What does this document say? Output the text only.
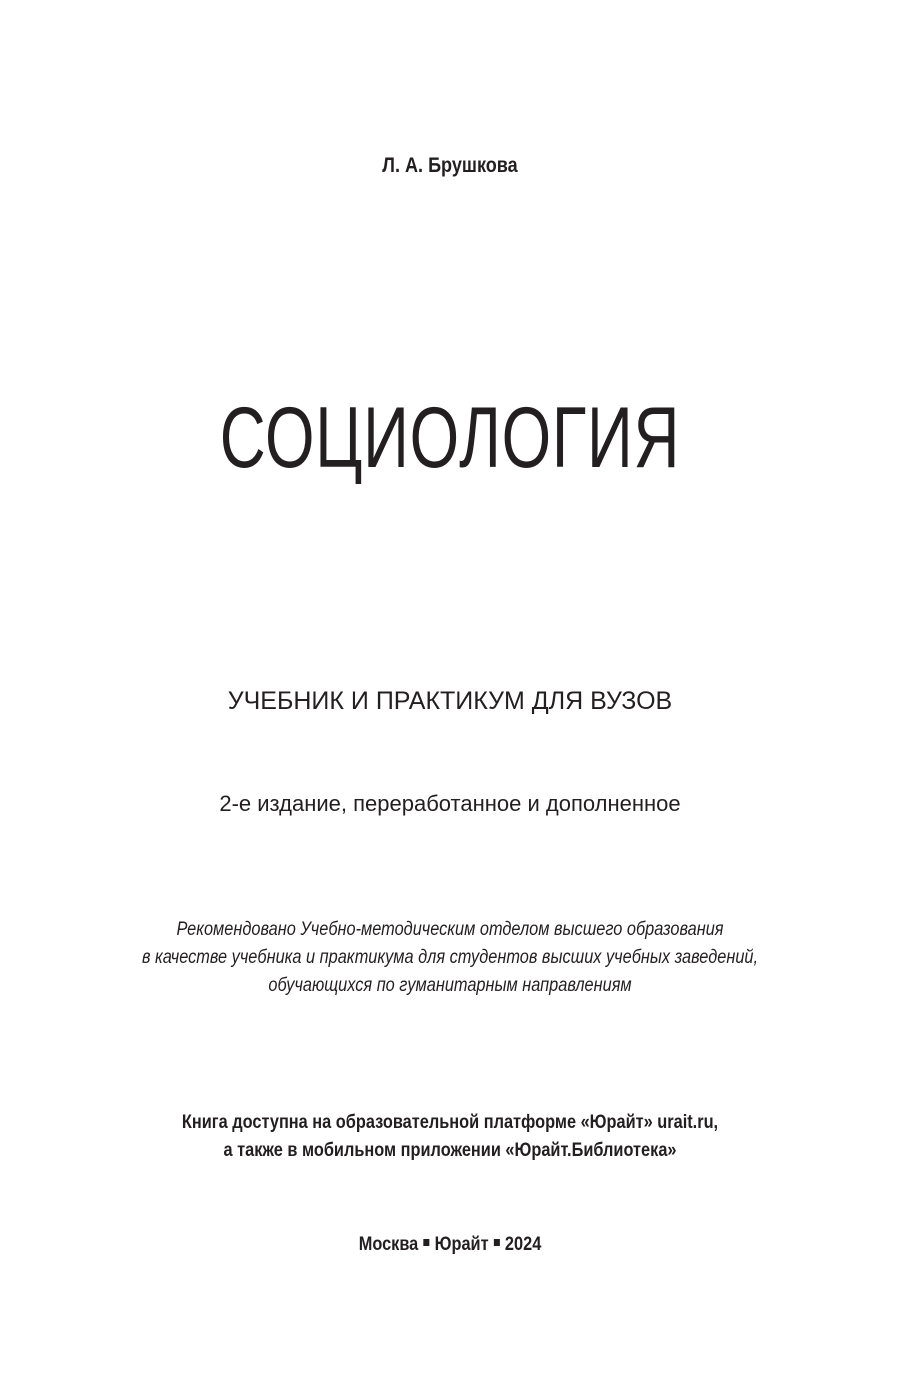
Л. А. Брушкова
СОЦИОЛОГИЯ
УЧЕБНИК И ПРАКТИКУМ ДЛЯ ВУЗОВ
2-е издание, переработанное и дополненное
Рекомендовано Учебно-методическим отделом высшего образования
в качестве учебника и практикума для студентов высших учебных заведений,
обучающихся по гуманитарным направлениям
Книга доступна на образовательной платформе «Юрайт» urait.ru,
а также в мобильном приложении «Юрайт.Библиотека»
Москва Юрайт 2024
